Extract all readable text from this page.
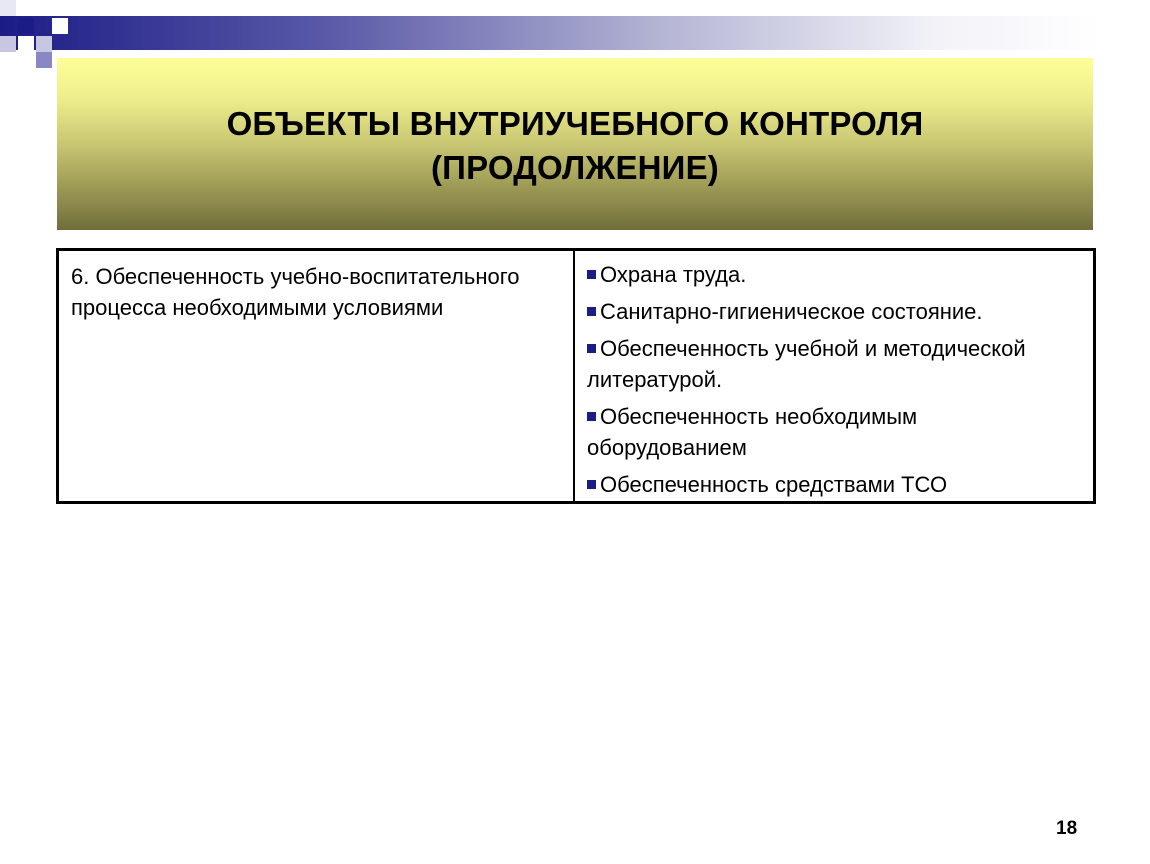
ОБЪЕКТЫ ВНУТРИУЧЕБНОГО КОНТРОЛЯ
(ПРОДОЛЖЕНИЕ)
6. Обеспеченность учебно-воспитательного процесса необходимыми условиями
Охрана труда.
Санитарно-гигиеническое состояние.
Обеспеченность учебной и методической литературой.
Обеспеченность необходимым оборудованием
Обеспеченность средствами ТСО
18
